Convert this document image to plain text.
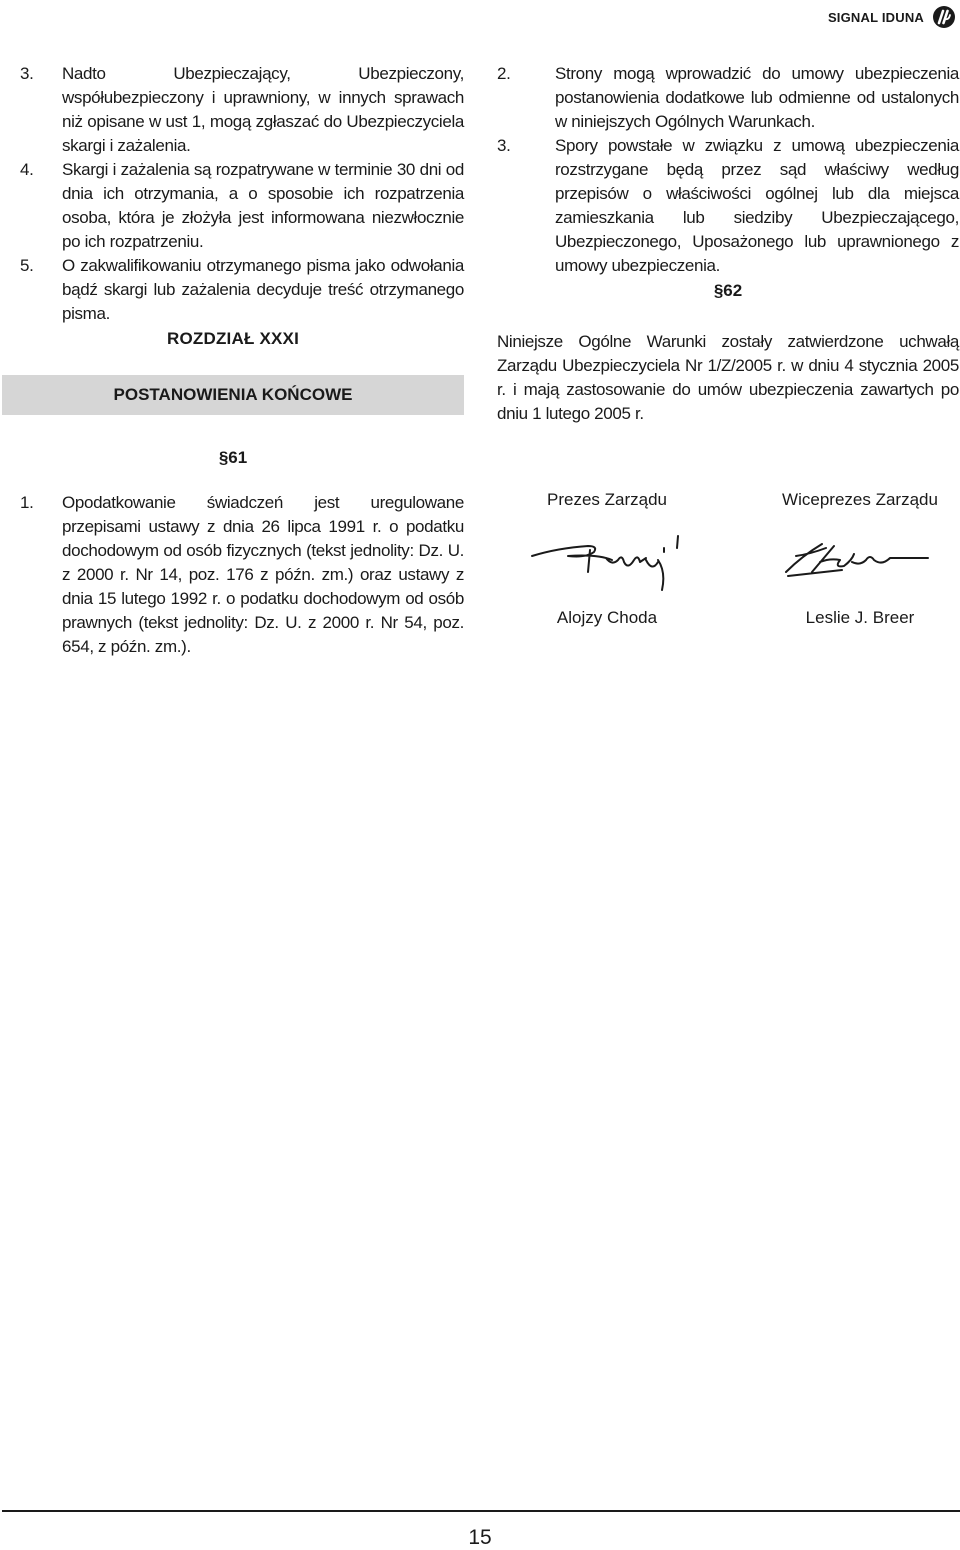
SIGNAL IDUNA
3. Nadto Ubezpieczający, Ubezpieczony, współubezpieczony i uprawniony, w innych sprawach niż opisane w ust 1, mogą zgłaszać do Ubezpieczyciela skargi i zażalenia.
4. Skargi i zażalenia są rozpatrywane w terminie 30 dni od dnia ich otrzymania, a o sposobie ich rozpatrzenia osoba, która je złożyła jest informowana niezwłocznie po ich rozpatrzeniu.
5. O zakwalifikowaniu otrzymanego pisma jako odwołania bądź skargi lub zażalenia decyduje treść otrzymanego pisma.
ROZDZIAŁ XXXI
POSTANOWIENIA KOŃCOWE
§61
1. Opodatkowanie świadczeń jest uregulowane przepisami ustawy z dnia 26 lipca 1991 r. o podatku dochodowym od osób fizycznych (tekst jednolity: Dz. U. z 2000 r. Nr 14, poz. 176 z późn. zm.) oraz ustawy z dnia 15 lutego 1992 r. o podatku dochodowym od osób prawnych (tekst jednolity: Dz. U. z 2000 r. Nr 54, poz. 654, z późn. zm.).
2.	Strony mogą wprowadzić do umowy ubezpieczenia postanowienia dodatkowe lub odmienne od ustalonych w niniejszych Ogólnych Warunkach.
3.	Spory powstałe w związku z umową ubezpieczenia rozstrzygane będą przez sąd właściwy według przepisów o właściwości ogólnej lub dla miejsca zamieszkania lub siedziby Ubezpieczającego, Ubezpieczonego, Uposażonego lub uprawnionego z umowy ubezpieczenia.
§62
Niniejsze Ogólne Warunki zostały zatwierdzone uchwałą Zarządu Ubezpieczyciela Nr 1/Z/2005 r. w dniu 4 stycznia 2005 r. i mają zastosowanie do umów ubezpieczenia zawartych po dniu 1 lutego 2005 r.
Prezes Zarządu	Wiceprezes Zarządu
Alojzy Choda	Leslie J. Breer
15
